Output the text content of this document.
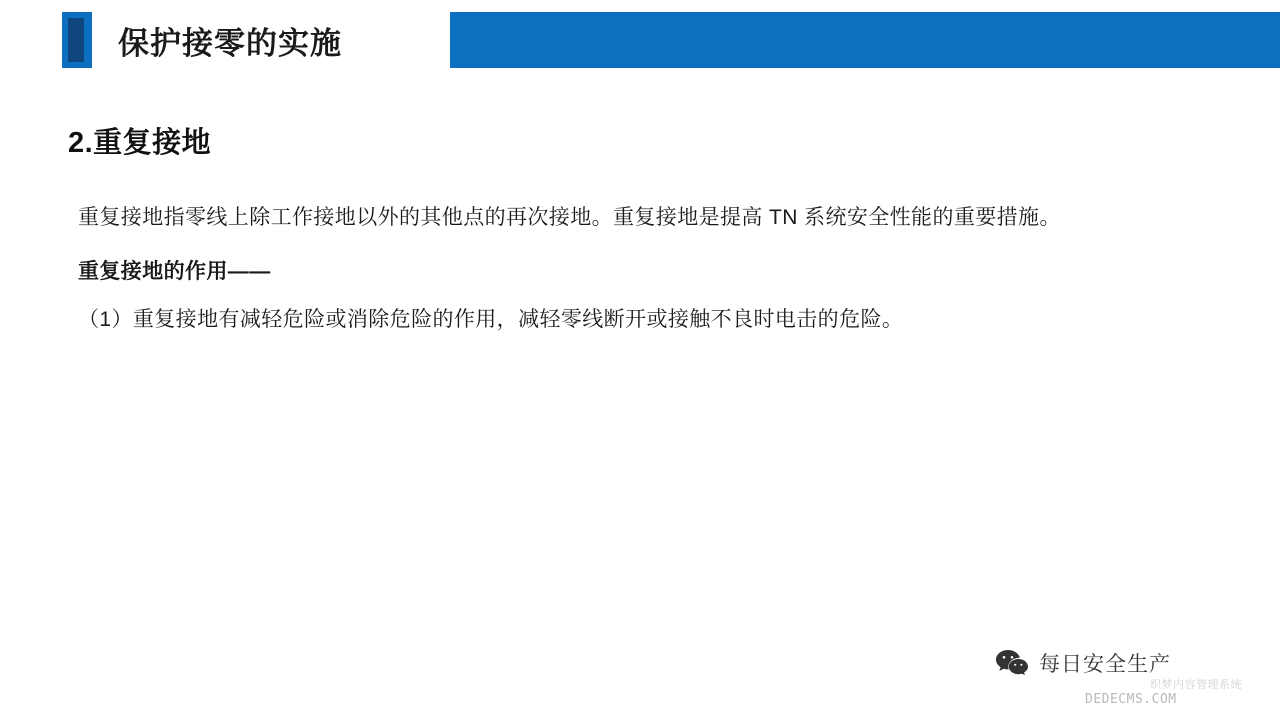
保护接零的实施
2.重复接地

重复接地指零线上除工作接地以外的其他点的再次接地。重复接地是提高 TN 系统安全性能的重要措施。

重复接地的作用——

（1）重复接地有减轻危险或消除危险的作用，减轻零线断开或接触不良时电击的危险。

每日安全生产
织梦内容管理系统
DEDECMS.COM
